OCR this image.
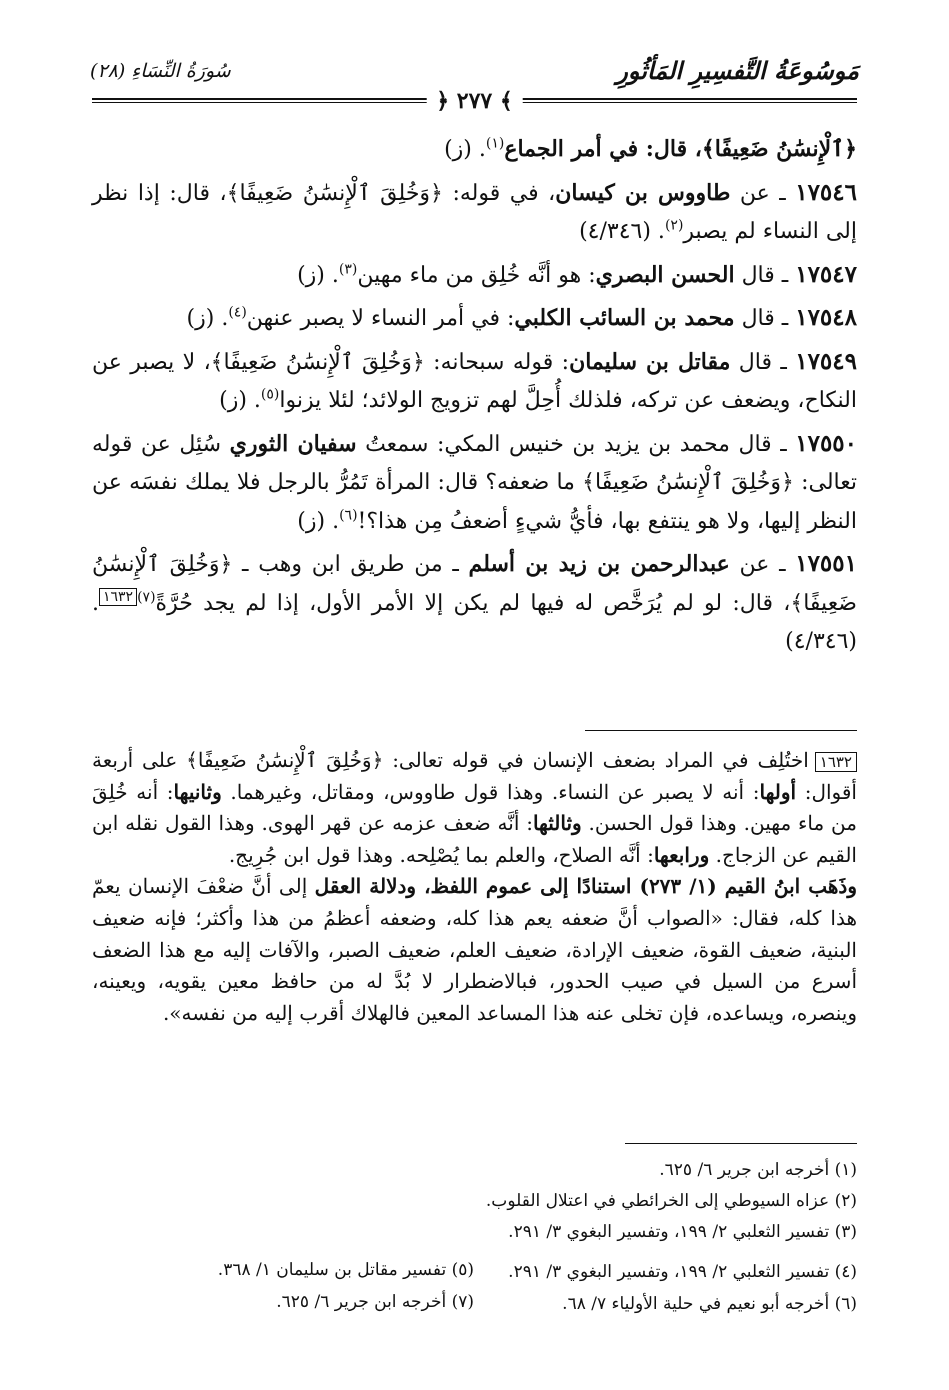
مَوسُوعَةُ التَّفسِيرِ المَأثُورِ
سُورَةُ النِّسَاءِ (٢٨)
﴿ ٢٧٧ ﴾

﴿ٱلْإِنسَٰنُ ضَعِيفًا﴾، قال: في أمر الجماع$^{(١)}$. (ز)

١٧٥٤٦ ـ عن طاووس بن كيسان، في قوله: ﴿وَخُلِقَ ٱلْإِنسَٰنُ ضَعِيفًا﴾، قال: إذا نظر إلى النساء لم يصبر$^{(٢)}$. (٤/٣٤٦)

١٧٥٤٧ ـ قال الحسن البصري: هو أنَّه خُلِق من ماء مهين$^{(٣)}$. (ز)

١٧٥٤٨ ـ قال محمد بن السائب الكلبي: في أمر النساء لا يصبر عنهن$^{(٤)}$. (ز)

١٧٥٤٩ ـ قال مقاتل بن سليمان: قوله سبحانه: ﴿وَخُلِقَ ٱلْإِنسَٰنُ ضَعِيفًا﴾، لا يصبر عن النكاح، ويضعف عن تركه، فلذلك أُحِلَّ لهم تزويج الولائد؛ لئلا يزنوا$^{(٥)}$. (ز)

١٧٥٥٠ ـ قال محمد بن يزيد بن خنيس المكي: سمعتُ سفيان الثوري سُئِل عن قوله تعالى: ﴿وَخُلِقَ ٱلْإِنسَٰنُ ضَعِيفًا﴾ ما ضعفه؟ قال: المرأة تَمُرُّ بالرجل فلا يملك نفسَه عن النظر إليها، ولا هو ينتفع بها، فأيُّ شيءٍ أضعفُ مِن هذا؟!$^{(٦)}$. (ز)

١٧٥٥١ ـ عن عبدالرحمن بن زيد بن أسلم ـ من طريق ابن وهب ـ ﴿وَخُلِقَ ٱلْإِنسَٰنُ ضَعِيفًا﴾، قال: لو لم يُرَخَّص له فيها لم يكن إلا الأمر الأول، إذا لم يجد حُرَّةً$^{(٧)}$١٦٣٢. (٤/٣٤٦)

١٦٣٢اختُلِف في المراد بضعف الإنسان في قوله تعالى: ﴿وَخُلِقَ ٱلْإِنسَٰنُ ضَعِيفًا﴾ على أربعة أقوال: أولها: أنه لا يصبر عن النساء. وهذا قول طاووس، ومقاتل، وغيرهما. وثانيها: أنه خُلِقَ من ماء مهين. وهذا قول الحسن. وثالثها: أنَّه ضعف عزمه عن قهر الهوى. وهذا القول نقله ابن القيم عن الزجاج. ورابعها: أنَّه الصلاح، والعلم بما يُصْلِحه. وهذا قول ابن جُرِيج.

وذَهَب ابنُ القيم (١/ ٢٧٣) استنادًا إلى عموم اللفظ، ودلالة العقل إلى أنَّ ضعْفَ الإنسان يعمّ هذا كله، فقال: «الصواب أنَّ ضعفه يعم هذا كله، وضعفه أعظمُ من هذا وأكثر؛ فإنه ضعيف البنية، ضعيف القوة، ضعيف الإرادة، ضعيف العلم، ضعيف الصبر، والآفات إليه مع هذا الضعف أسرع من السيل في صيب الحدور، فبالاضطرار لا بُدَّ له من حافظ معين يقويه، ويعينه، وينصره، ويساعده، فإن تخلى عنه هذا المساعد المعين فالهلاك أقرب إليه من نفسه».

(١) أخرجه ابن جرير ٦/ ٦٢٥.
(٢) عزاه السيوطي إلى الخرائطي في اعتلال القلوب.
(٣) تفسير الثعلبي ٢/ ١٩٩، وتفسير البغوي ٣/ ٢٩١.
(٤) تفسير الثعلبي ٢/ ١٩٩، وتفسير البغوي ٣/ ٢٩١.
(٥) تفسير مقاتل بن سليمان ١/ ٣٦٨.
(٦) أخرجه أبو نعيم في حلية الأولياء ٧/ ٦٨.
(٧) أخرجه ابن جرير ٦/ ٦٢٥.
